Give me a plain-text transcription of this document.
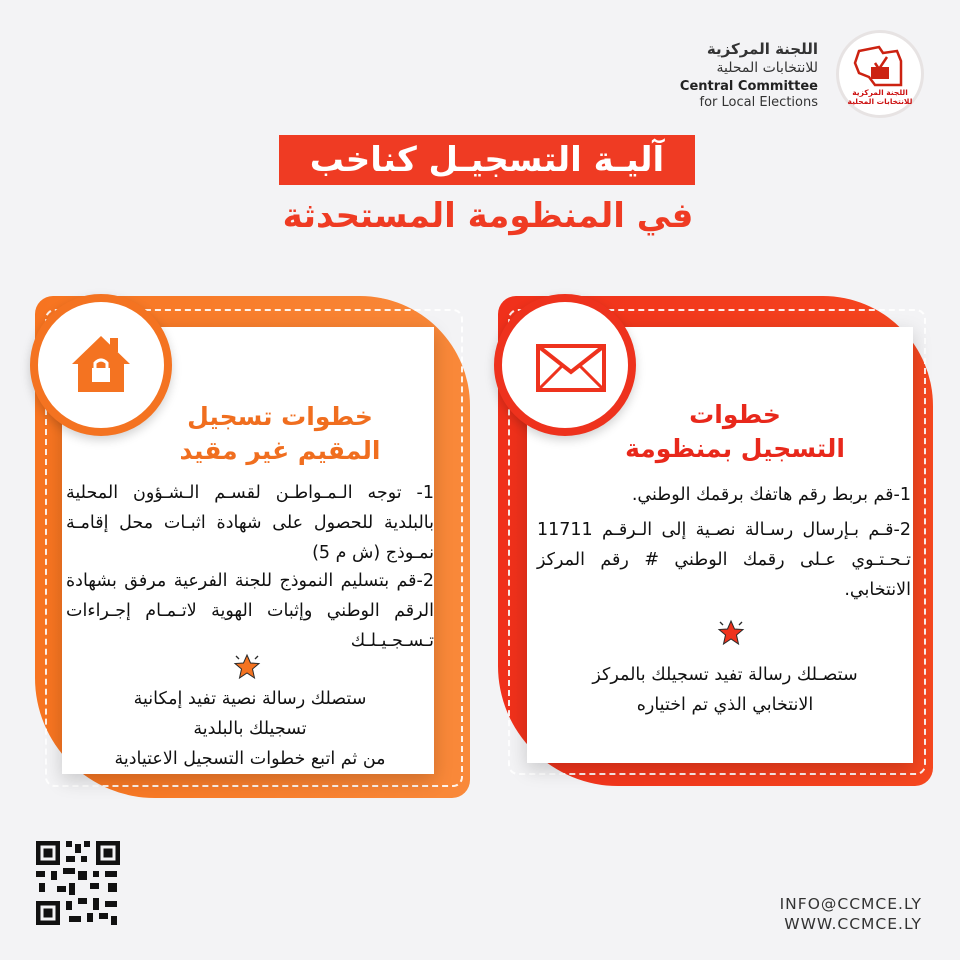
اللجنة المركزية للانتخابات المحلية
اللجنة المركزية
للانتخابات المحلية
Central Committee
for Local Elections
آليـة التسجيـل كناخب
في المنظومة المستحدثة
خطوات تسجيل
المقيم غير مقيد
1- توجه الـمـواطـن لقسـم الـشـؤون المحلية بالبلدية للحصول على شهادة اثبـات محل إقامـة نمـوذج (ش م 5)
2-قم بتسليم النموذج للجنة الفرعية مرفق بشهادة الرقم الوطني وإثبات الهوية لاتـمـام إجـراءات تـسـجـيـلـك
ستصلك رسالة نصية تفيد إمكانية
تسجيلك بالبلدية
من ثم اتبع خطوات التسجيل الاعتيادية
خطوات
التسجيل بمنظومة
1-قم بربط رقم هاتفك برقمك الوطني.
2-قـم بـإرسال رسـالة نصـية إلى الـرقـم 11711 تـحـتـوي عـلى رقمك الوطني # رقم المركز الانتخابي.
ستصـلك رسالة تفيد تسجيلك بالمركز الانتخابي الذي تم اختياره
INFO@CCMCE.LY
WWW.CCMCE.LY
